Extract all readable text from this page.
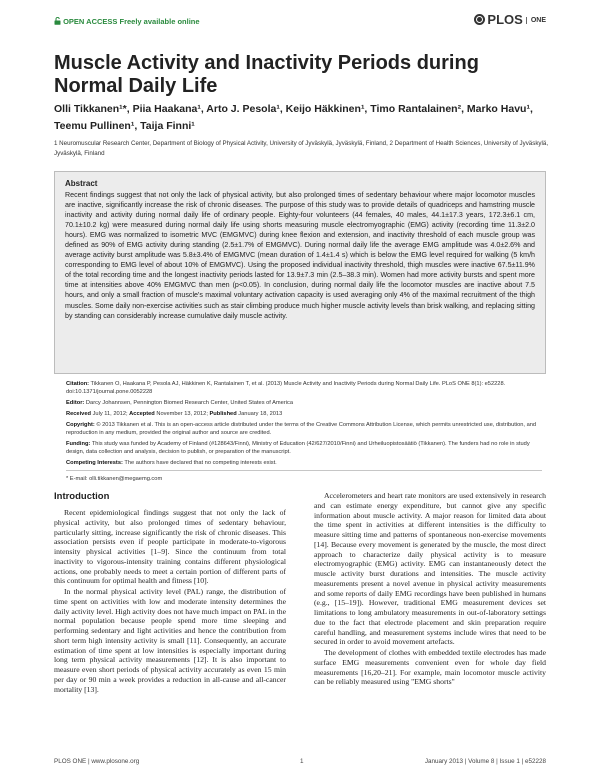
OPEN ACCESS Freely available online	PLOS ONE
Muscle Activity and Inactivity Periods during Normal Daily Life
Olli Tikkanen¹*, Piia Haakana¹, Arto J. Pesola¹, Keijo Häkkinen¹, Timo Rantalainen², Marko Havu¹, Teemu Pullinen¹, Taija Finni¹
1 Neuromuscular Research Center, Department of Biology of Physical Activity, University of Jyväskylä, Jyväskylä, Finland, 2 Department of Health Sciences, University of Jyväskylä, Jyväskylä, Finland
Abstract

Recent findings suggest that not only the lack of physical activity, but also prolonged times of sedentary behaviour where major locomotor muscles are inactive, significantly increase the risk of chronic diseases. The purpose of this study was to provide details of quadriceps and hamstring muscle inactivity and activity during normal daily life of ordinary people. Eighty-four volunteers (44 females, 40 males, 44.1±17.3 years, 172.3±6.1 cm, 70.1±10.2 kg) were measured during normal daily life using shorts measuring muscle electromyographic (EMG) activity (recording time 11.3±2.0 hours). EMG was normalized to isometric MVC (EMGMVC) during knee flexion and extension, and inactivity threshold of each muscle group was defined as 90% of EMG activity during standing (2.5±1.7% of EMGMVC). During normal daily life the average EMG amplitude was 4.0±2.6% and average activity burst amplitude was 5.8±3.4% of EMGMVC (mean duration of 1.4±1.4 s) which is below the EMG level required for walking (5 km/h corresponding to EMG level of about 10% of EMGMVC). Using the proposed individual inactivity threshold, thigh muscles were inactive 67.5±11.9% of the total recording time and the longest inactivity periods lasted for 13.9±7.3 min (2.5–38.3 min). Women had more activity bursts and spent more time at intensities above 40% EMGMVC than men (p<0.05). In conclusion, during normal daily life the locomotor muscles are inactive about 7.5 hours, and only a small fraction of muscle's maximal voluntary activation capacity is used averaging only 4% of the maximal recruitment of the thigh muscles. Some daily non-exercise activities such as stair climbing produce much higher muscle activity levels than brisk walking, and replacing sitting by standing can considerably increase cumulative daily muscle activity.

Citation: Tikkanen O, Haakana P, Pesola AJ, Häkkinen K, Rantalainen T, et al. (2013) Muscle Activity and Inactivity Periods during Normal Daily Life. PLoS ONE 8(1): e52228. doi:10.1371/journal.pone.0052228

Editor: Darcy Johannsen, Pennington Biomed Research Center, United States of America

Received July 11, 2012; Accepted November 13, 2012; Published January 18, 2013

Copyright: © 2013 Tikkanen et al. This is an open-access article distributed under the terms of the Creative Commons Attribution License, which permits unrestricted use, distribution, and reproduction in any medium, provided the original author and source are credited.

Funding: This study was funded by Academy of Finland (#128643/Finni), Ministry of Education (42/627/2010/Finni) and Urheiluopistosäätiö (Tikkanen). The funders had no role in study design, data collection and analysis, decision to publish, or preparation of the manuscript.

Competing Interests: The authors have declared that no competing interests exist.

* E-mail: olli.tikkanen@megaemg.com

Introduction

Recent epidemiological findings suggest that not only the lack of physical activity, but also prolonged times of sedentary behaviour, particularly sitting, increase significantly the risk of chronic diseases. This association persists even if people participate in moderate-to-vigorous intensity physical activities [1–9]. Since the continuum from total inactivity to vigorous-intensity training contains different physiological actions, one probably needs to meet a certain portion of different parts of this continuum for optimal health and fitness [10].

In the normal physical activity level (PAL) range, the distribution of time spent on activities with low and moderate intensity determines the daily activity level. High activity does not have much impact on PAL in the normal population because people spend more time sleeping and performing sedentary and light activities and hence the contribution from short term high intensity activity is small [11]. Consequently, an accurate estimation of time spent at low intensities is especially important during long term physical activity measurements [12]. It is also important to measure even short periods of physical activity accurately as even 15 min per day or 90 min a week provides a reduction in all-cause and all-cancer mortality [13].

Accelerometers and heart rate monitors are used extensively in research and can estimate energy expenditure, but cannot give any specific information about muscle activity. A major reason for limited data about the time spent in activities at different intensities is the difficulty to measure sitting time and patterns of spontaneous non-exercise movements [14]. Because every movement is generated by the muscle, the most direct approach to characterize daily physical activity is to measure electromyographic (EMG) activity. EMG can instantaneously detect the muscle activity burst durations and intensities. The muscle activity measurements present a novel avenue in physical activity measurements and some reports of daily EMG recordings have been published in humans (e.g., [15–19]). However, traditional EMG measurement devices set limitations to long ambulatory measurements in out-of-laboratory settings due to the fact that electrode placement and skin preparation require careful handling, and measurement systems include wires that need to be secured in order to avoid movement artefacts.

The development of clothes with embedded textile electrodes has made surface EMG measurements convenient even for whole day field measurements [16,20–21]. For example, main locomotor muscle activity can be reliably measured using "EMG shorts"

PLOS ONE | www.plosone.org	1	January 2013 | Volume 8 | Issue 1 | e52228
